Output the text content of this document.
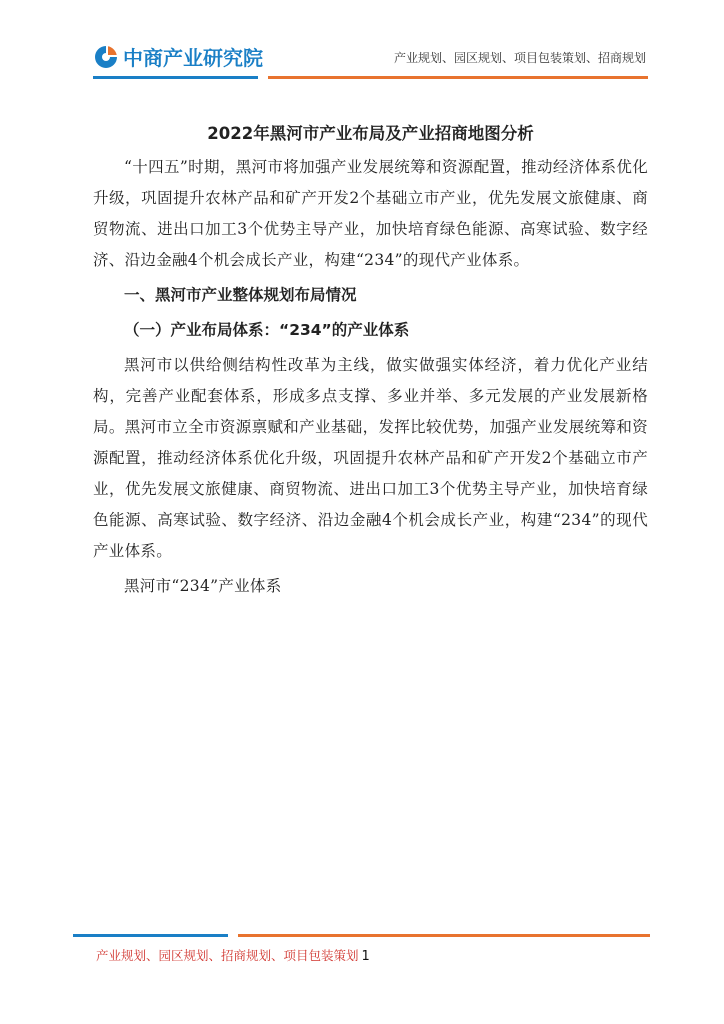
中商产业研究院	产业规划、园区规划、项目包装策划、招商规划
2022年黑河市产业布局及产业招商地图分析

“十四五”时期，黑河市将加强产业发展统筹和资源配置，推动经济体系优化升级，巩固提升农林产品和矿产开发2个基础立市产业，优先发展文旅健康、商贸物流、进出口加工3个优势主导产业，加快培育绿色能源、高寒试验、数字经济、沿边金融4个机会成长产业，构建“234”的现代产业体系。

一、黑河市产业整体规划布局情况

（一）产业布局体系：“234”的产业体系

黑河市以供给侧结构性改革为主线，做实做强实体经济，着力优化产业结构，完善产业配套体系，形成多点支撑、多业并举、多元发展的产业发展新格局。黑河市立全市资源禀赋和产业基础，发挥比较优势，加强产业发展统筹和资源配置，推动经济体系优化升级，巩固提升农林产品和矿产开发2个基础立市产业，优先发展文旅健康、商贸物流、进出口加工3个优势主导产业，加快培育绿色能源、高寒试验、数字经济、沿边金融4个机会成长产业，构建“234”的现代产业体系。

黑河市“234”产业体系

产业规划、园区规划、招商规划、项目包装策划 1
